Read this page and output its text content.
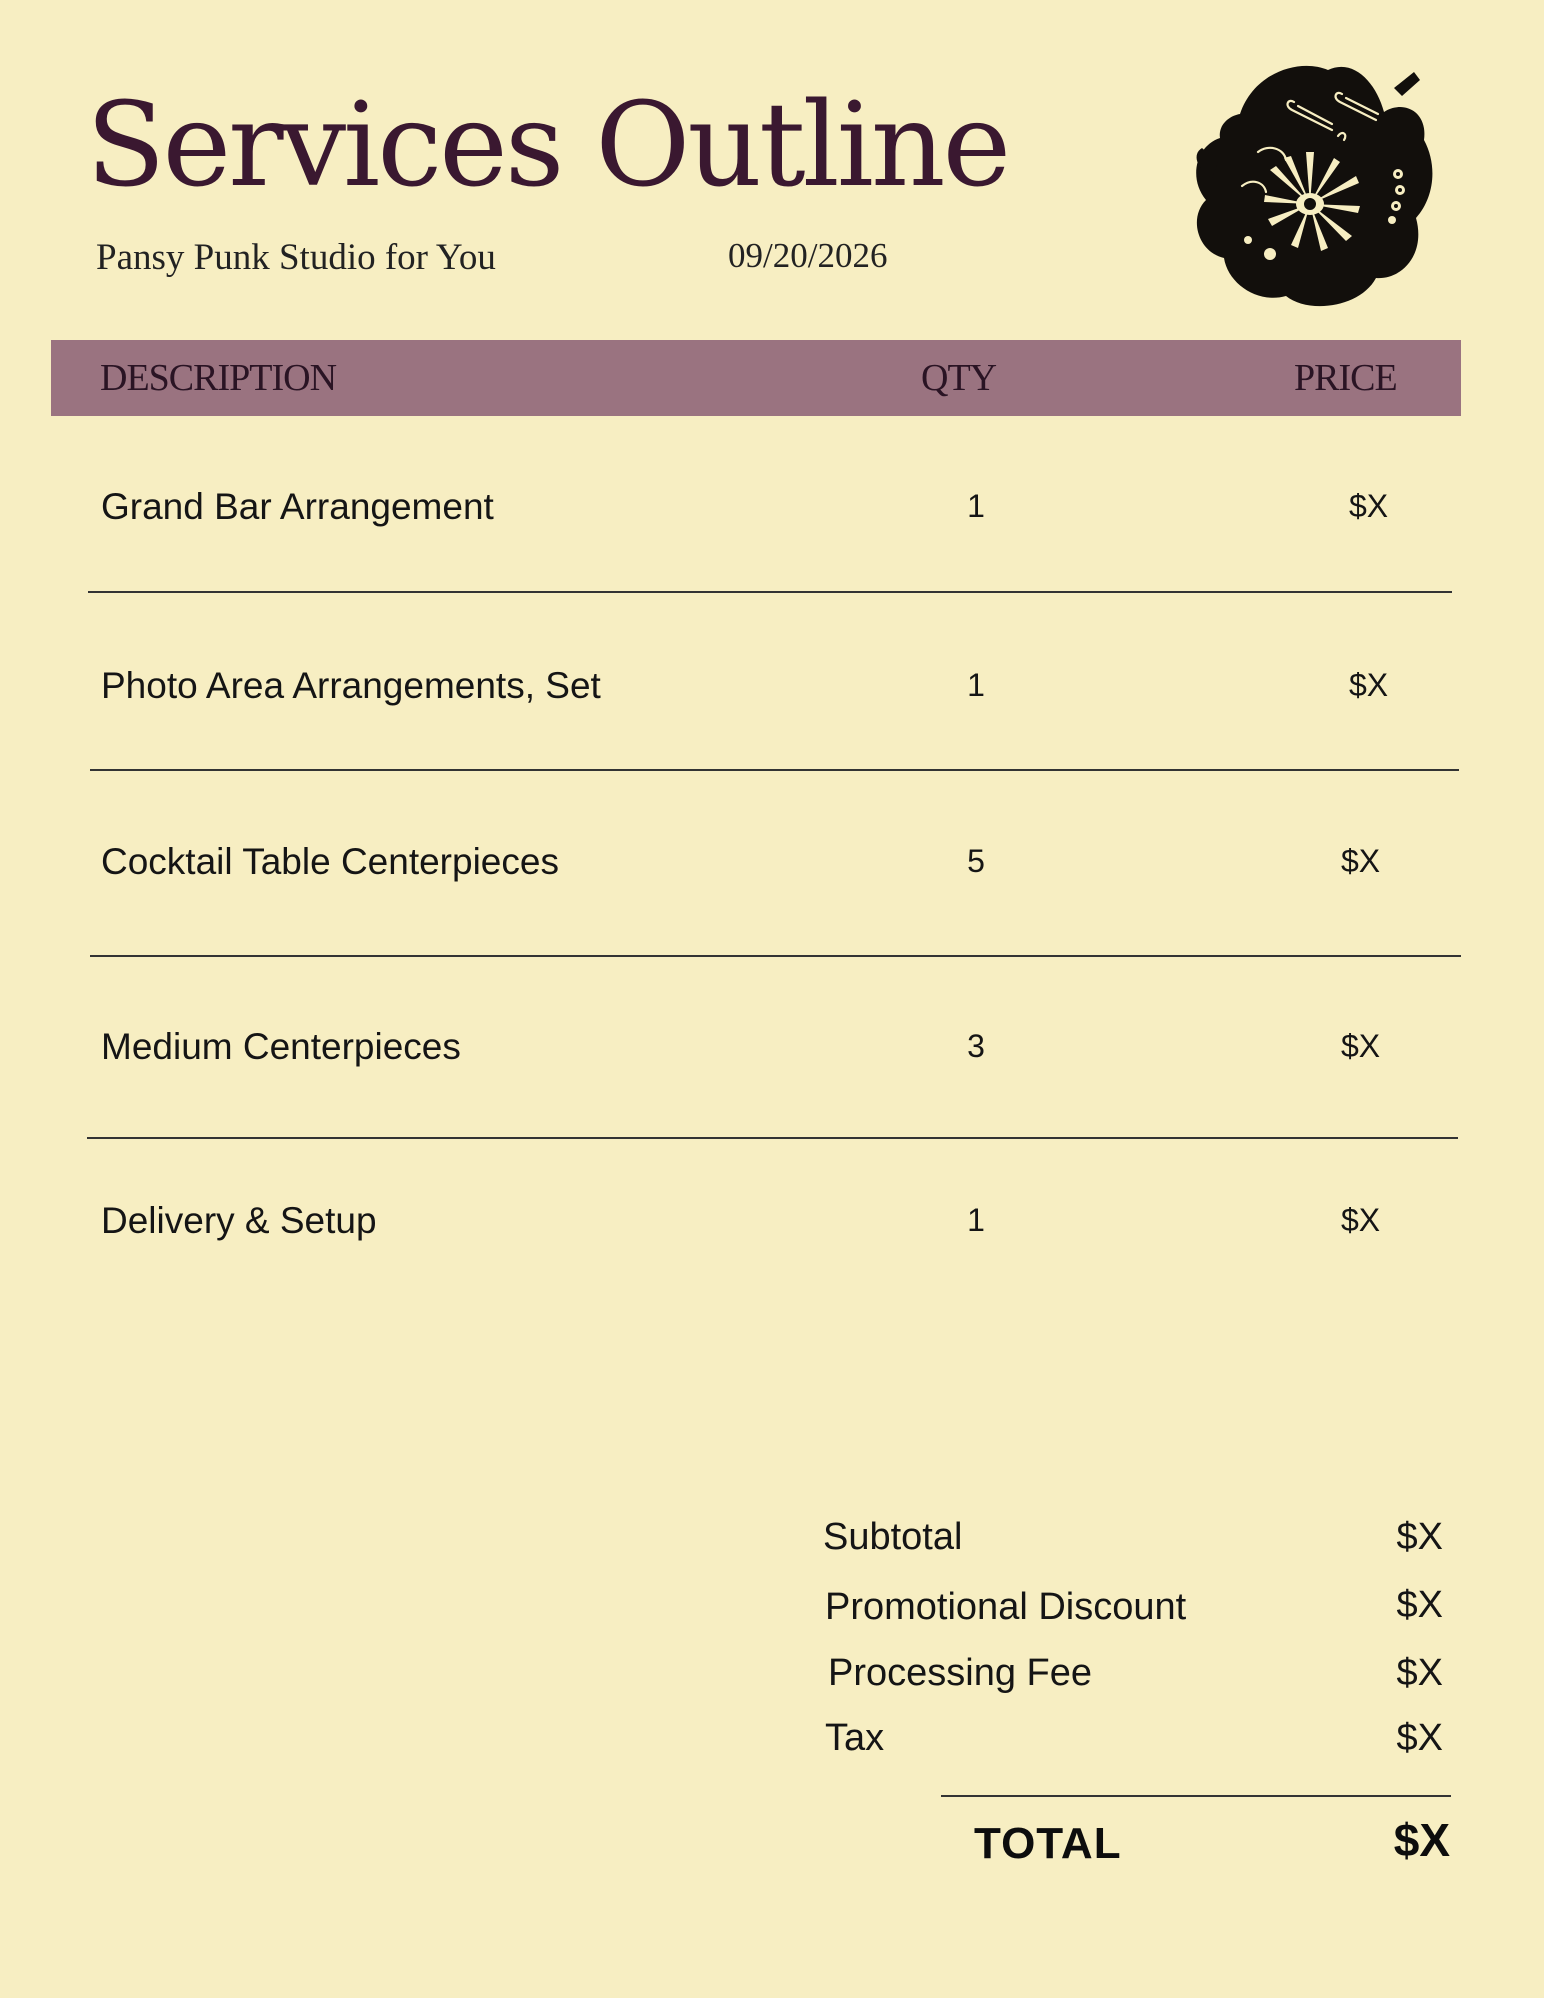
Services Outline
Pansy Punk Studio for You	09/20/2026
DESCRIPTION	QTY	PRICE
Grand Bar Arrangement	1	$X
Photo Area Arrangements, Set	1	$X
Cocktail Table Centerpieces	5	$X
Medium Centerpieces	3	$X
Delivery & Setup	1	$X
Subtotal	$X
Promotional Discount	$X
Processing Fee	$X
Tax	$X
TOTAL	$X
